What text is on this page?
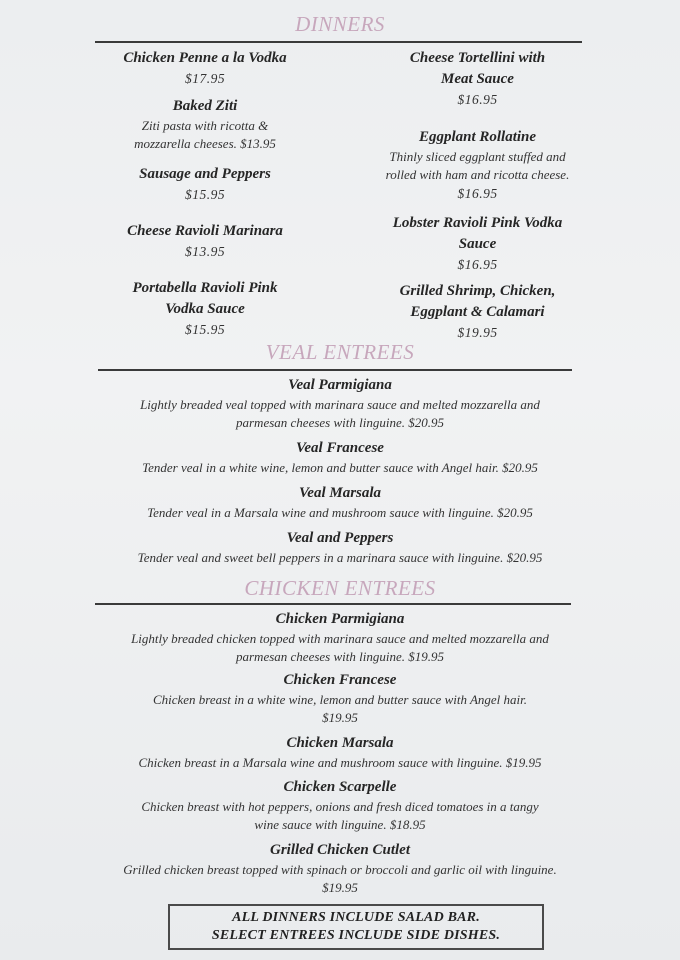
DINNERS
Chicken Penne a la Vodka
$17.95
Baked Ziti
Ziti pasta with ricotta &
mozzarella cheeses. $13.95
Sausage and Peppers
$15.95
Cheese Ravioli Marinara
$13.95
Portabella Ravioli Pink
Vodka Sauce
$15.95
Cheese Tortellini with
Meat Sauce
$16.95
Eggplant Rollatine
Thinly sliced eggplant stuffed and
rolled with ham and ricotta cheese.
$16.95
Lobster Ravioli Pink Vodka
Sauce
$16.95
Grilled Shrimp, Chicken,
Eggplant & Calamari
$19.95
VEAL ENTREES
Veal Parmigiana
Lightly breaded veal topped with marinara sauce and melted mozzarella and
parmesan cheeses with linguine. $20.95
Veal Francese
Tender veal in a white wine, lemon and butter sauce with Angel hair. $20.95
Veal Marsala
Tender veal in a Marsala wine and mushroom sauce with linguine. $20.95
Veal and Peppers
Tender veal and sweet bell peppers in a marinara sauce with linguine. $20.95
CHICKEN ENTREES
Chicken Parmigiana
Lightly breaded chicken topped with marinara sauce and melted mozzarella and
parmesan cheeses with linguine. $19.95
Chicken Francese
Chicken breast in a white wine, lemon and butter sauce with Angel hair.
$19.95
Chicken Marsala
Chicken breast in a Marsala wine and mushroom sauce with linguine. $19.95
Chicken Scarpelle
Chicken breast with hot peppers, onions and fresh diced tomatoes in a tangy
wine sauce with linguine. $18.95
Grilled Chicken Cutlet
Grilled chicken breast topped with spinach or broccoli and garlic oil with linguine.
$19.95
ALL DINNERS INCLUDE SALAD BAR.
SELECT ENTREES INCLUDE SIDE DISHES.
